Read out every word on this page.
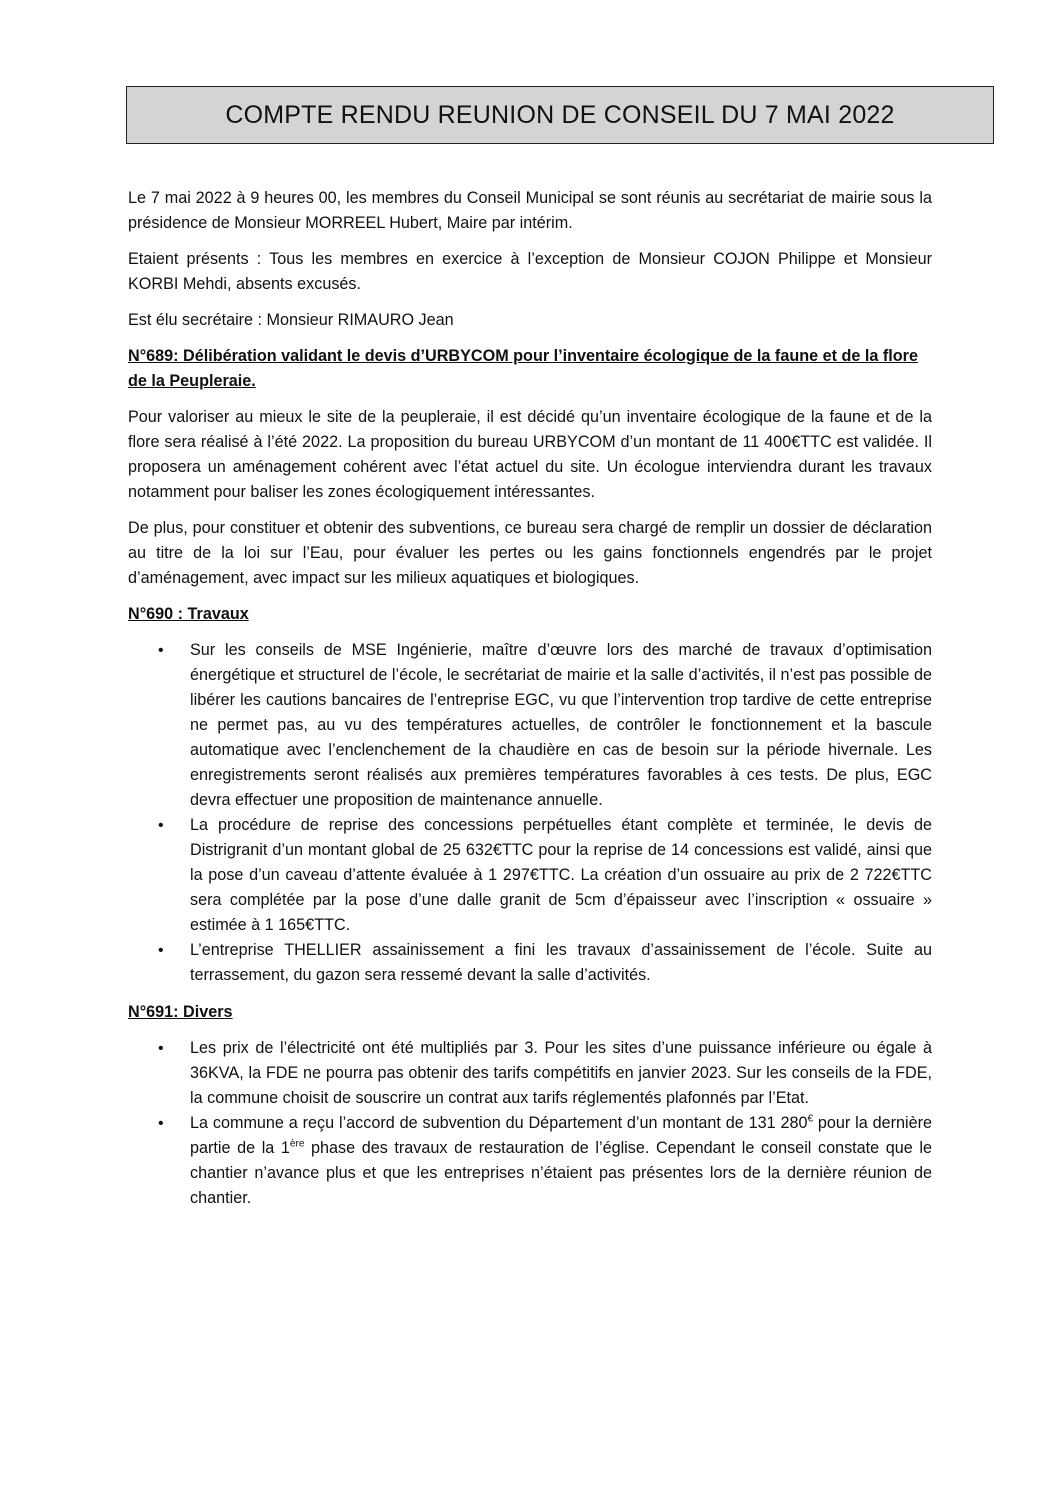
COMPTE RENDU REUNION DE CONSEIL DU 7 MAI 2022

Le 7 mai 2022 à 9 heures 00, les membres du Conseil Municipal se sont réunis au secrétariat de mairie sous la présidence de Monsieur MORREEL Hubert, Maire par intérim.

Etaient présents : Tous les membres en exercice à l’exception de Monsieur COJON Philippe et Monsieur KORBI Mehdi, absents excusés.

Est élu secrétaire : Monsieur RIMAURO Jean

N°689: Délibération validant le devis d’URBYCOM pour l’inventaire écologique de la faune et de la flore de la Peupleraie.

Pour valoriser au mieux le site de la peupleraie, il est décidé qu’un inventaire écologique de la faune et de la flore sera réalisé à l’été 2022. La proposition du bureau URBYCOM d’un montant de 11 400€TTC est validée. Il proposera un aménagement cohérent avec l’état actuel du site. Un écologue interviendra durant les travaux notamment pour baliser les zones écologiquement intéressantes.

De plus, pour constituer et obtenir des subventions, ce bureau sera chargé de remplir un dossier de déclaration au titre de la loi sur l’Eau, pour évaluer les pertes ou les gains fonctionnels engendrés par le projet d’aménagement, avec impact sur les milieux aquatiques et biologiques.

N°690 : Travaux

• Sur les conseils de MSE Ingénierie, maître d’œuvre lors des marché de travaux d’optimisation énergétique et structurel de l’école, le secrétariat de mairie et la salle d’activités, il n’est pas possible de libérer les cautions bancaires de l’entreprise EGC, vu que l’intervention trop tardive de cette entreprise ne permet pas, au vu des températures actuelles, de contrôler le fonctionnement et la bascule automatique avec l’enclenchement de la chaudière en cas de besoin sur la période hivernale. Les enregistrements seront réalisés aux premières températures favorables à ces tests. De plus, EGC devra effectuer une proposition de maintenance annuelle.
• La procédure de reprise des concessions perpétuelles étant complète et terminée, le devis de Distrigranit d’un montant global de 25 632€TTC pour la reprise de 14 concessions est validé, ainsi que la pose d’un caveau d’attente évaluée à 1 297€TTC. La création d’un ossuaire au prix de 2 722€TTC sera complétée par la pose d’une dalle granit de 5cm d’épaisseur avec l’inscription « ossuaire » estimée à 1 165€TTC.
• L’entreprise THELLIER assainissement a fini les travaux d’assainissement de l’école. Suite au terrassement, du gazon sera ressemé devant la salle d’activités.

N°691: Divers

• Les prix de l’électricité ont été multipliés par 3. Pour les sites d’une puissance inférieure ou égale à 36KVA, la FDE ne pourra pas obtenir des tarifs compétitifs en janvier 2023. Sur les conseils de la FDE, la commune choisit de souscrire un contrat aux tarifs réglementés plafonnés par l’Etat.
• La commune a reçu l’accord de subvention du Département d’un montant de 131 280€ pour la dernière partie de la 1ère phase des travaux de restauration de l’église. Cependant le conseil constate que le chantier n’avance plus et que les entreprises n’étaient pas présentes lors de la dernière réunion de chantier.
